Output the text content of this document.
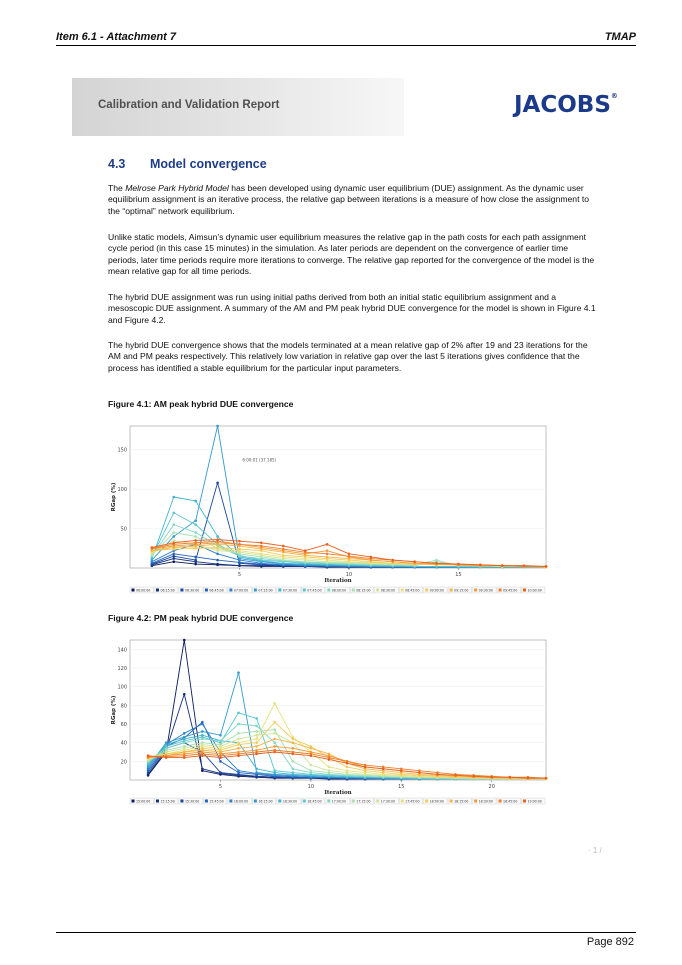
Item 6.1 - Attachment 7	TMAP
Calibration and Validation Report	JACOBS®
4.3 Model convergence
The Melrose Park Hybrid Model has been developed using dynamic user equilibrium (DUE) assignment. As the dynamic user equilibrium assignment is an iterative process, the relative gap between iterations is a measure of how close the assignment to the “optimal” network equilibrium.
Unlike static models, Aimsun’s dynamic user equilibrium measures the relative gap in the path costs for each path assignment cycle period (in this case 15 minutes) in the simulation. As later periods are dependent on the convergence of earlier time periods, later time periods require more iterations to converge. The relative gap reported for the convergence of the model is the mean relative gap for all time periods.
The hybrid DUE assignment was run using initial paths derived from both an initial static equilibrium assignment and a mesoscopic DUE assignment. A summary of the AM and PM peak hybrid DUE convergence for the model is shown in Figure 4.1 and Figure 4.2.
The hybrid DUE convergence shows that the models terminated at a mean relative gap of 2% after 19 and 23 iterations for the AM and PM peaks respectively. This relatively low variation in relative gap over the last 5 iterations gives confidence that the process has identified a stable equilibrium for the particular input parameters.
Figure 4.1: AM peak hybrid DUE convergence
50
100
150
5	10	15
Iteration
RGap (%)
6:00:01 (37.185)
06:00:00	06:15:00	06:30:00	06:45:00	07:00:00	07:15:00	07:30:00	07:45:00	08:00:00	08:15:00	08:30:00	08:45:00	09:00:00	09:15:00	09:30:00	09:45:00	10:00:00
Figure 4.2: PM peak hybrid DUE convergence
20
40
60
80
100
120
140
5	10	15	20
Iteration
RGap (%)
15:00:00	15:15:00	15:30:00	15:45:00	16:00:00	16:15:00	16:30:00	16:45:00	17:00:00	17:15:00	17:30:00	17:45:00	18:00:00	18:15:00	18:30:00	18:45:00	19:00:00
· 1 /
Page 892
